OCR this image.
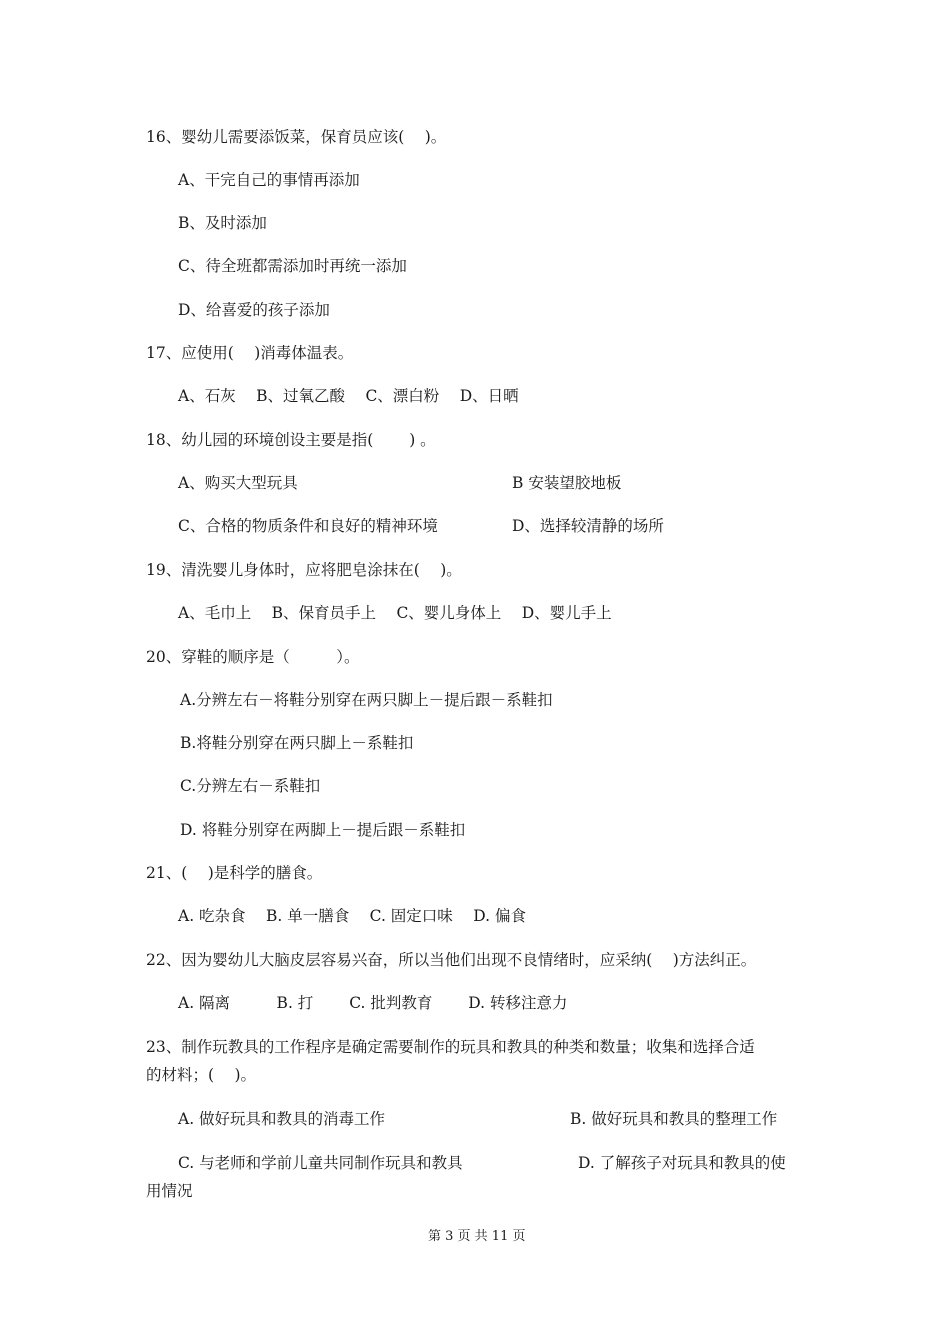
16、婴幼儿需要添饭菜，保育员应该(　 )。
A、干完自己的事情再添加
B、及时添加
C、待全班都需添加时再统一添加
D、给喜爱的孩子添加
17、应使用(　 )消毒体温表。
A、石灰　 B、过氧乙酸　 C、漂白粉　 D、日晒
18、幼儿园的环境创设主要是指(　　 ) 。
A、购买大型玩具	B 安装望胶地板
C、合格的物质条件和良好的精神环境	D、选择较清静的场所
19、清洗婴儿身体时，应将肥皂涂抹在(　 )。
A、毛巾上　 B、保育员手上　 C、婴儿身体上　 D、婴儿手上
20、穿鞋的顺序是（　　　）。
A.分辨左右－将鞋分别穿在两只脚上－提后跟－系鞋扣
B.将鞋分别穿在两只脚上－系鞋扣
C.分辨左右－系鞋扣
D. 将鞋分别穿在两脚上－提后跟－系鞋扣
21、(　 )是科学的膳食。
A. 吃杂食　 B. 单一膳食　 C. 固定口味　 D. 偏食
22、因为婴幼儿大脑皮层容易兴奋，所以当他们出现不良情绪时，应采纳(　 )方法纠正。
A. 隔离　　　B. 打　　 C. 批判教育　　 D. 转移注意力
23、制作玩教具的工作程序是确定需要制作的玩具和教具的种类和数量；收集和选择合适
的材料；(　 )。
A. 做好玩具和教具的消毒工作	B. 做好玩具和教具的整理工作
C. 与老师和学前儿童共同制作玩具和教具	D. 了解孩子对玩具和教具的使
用情况
第 3 页 共 11 页
